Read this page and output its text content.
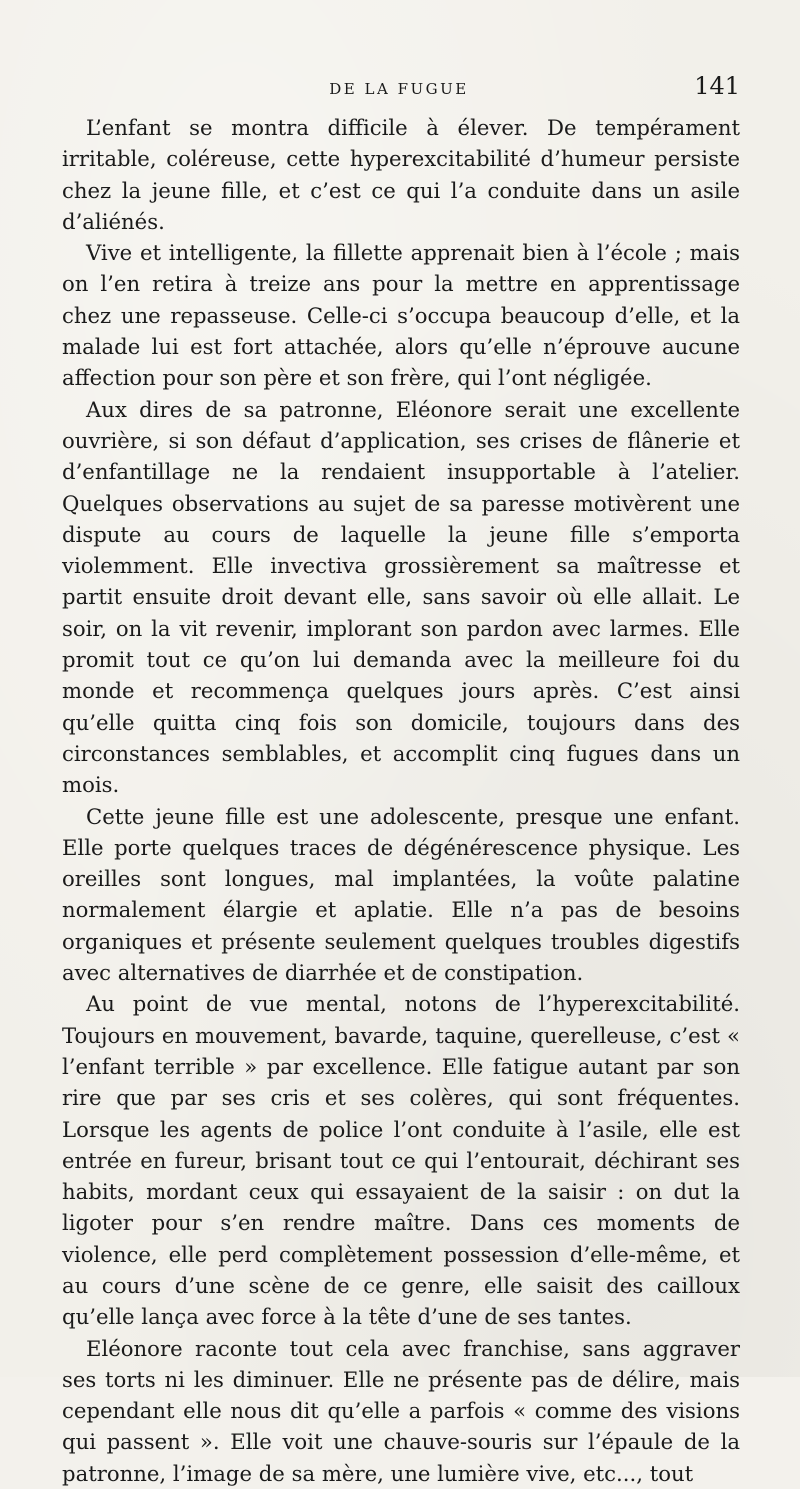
DE LA FUGUE	141

L’enfant se montra difficile à élever. De tempérament irritable, coléreuse, cette hyperexcitabilité d’humeur persiste chez la jeune fille, et c’est ce qui l’a conduite dans un asile d’aliénés.

Vive et intelligente, la fillette apprenait bien à l’école ; mais on l’en retira à treize ans pour la mettre en apprentissage chez une repasseuse. Celle-ci s’occupa beaucoup d’elle, et la malade lui est fort attachée, alors qu’elle n’éprouve aucune affection pour son père et son frère, qui l’ont négligée.

Aux dires de sa patronne, Eléonore serait une excellente ouvrière, si son défaut d’application, ses crises de flânerie et d’enfantillage ne la rendaient insupportable à l’atelier. Quelques observations au sujet de sa paresse motivèrent une dispute au cours de laquelle la jeune fille s’emporta violemment. Elle invectiva grossièrement sa maîtresse et partit ensuite droit devant elle, sans savoir où elle allait. Le soir, on la vit revenir, implorant son pardon avec larmes. Elle promit tout ce qu’on lui demanda avec la meilleure foi du monde et recommença quelques jours après. C’est ainsi qu’elle quitta cinq fois son domicile, toujours dans des circonstances semblables, et accomplit cinq fugues dans un mois.

Cette jeune fille est une adolescente, presque une enfant. Elle porte quelques traces de dégénérescence physique. Les oreilles sont longues, mal implantées, la voûte palatine normalement élargie et aplatie. Elle n’a pas de besoins organiques et présente seulement quelques troubles digestifs avec alternatives de diarrhée et de constipation.

Au point de vue mental, notons de l’hyperexcitabilité. Toujours en mouvement, bavarde, taquine, querelleuse, c’est « l’enfant terrible » par excellence. Elle fatigue autant par son rire que par ses cris et ses colères, qui sont fréquentes. Lorsque les agents de police l’ont conduite à l’asile, elle est entrée en fureur, brisant tout ce qui l’entourait, déchirant ses habits, mordant ceux qui essayaient de la saisir : on dut la ligoter pour s’en rendre maître. Dans ces moments de violence, elle perd complètement possession d’elle-même, et au cours d’une scène de ce genre, elle saisit des cailloux qu’elle lança avec force à la tête d’une de ses tantes.

Eléonore raconte tout cela avec franchise, sans aggraver ses torts ni les diminuer. Elle ne présente pas de délire, mais cependant elle nous dit qu’elle a parfois « comme des visions qui passent ». Elle voit une chauve-souris sur l’épaule de la patronne, l’image de sa mère, une lumière vive, etc..., tout
